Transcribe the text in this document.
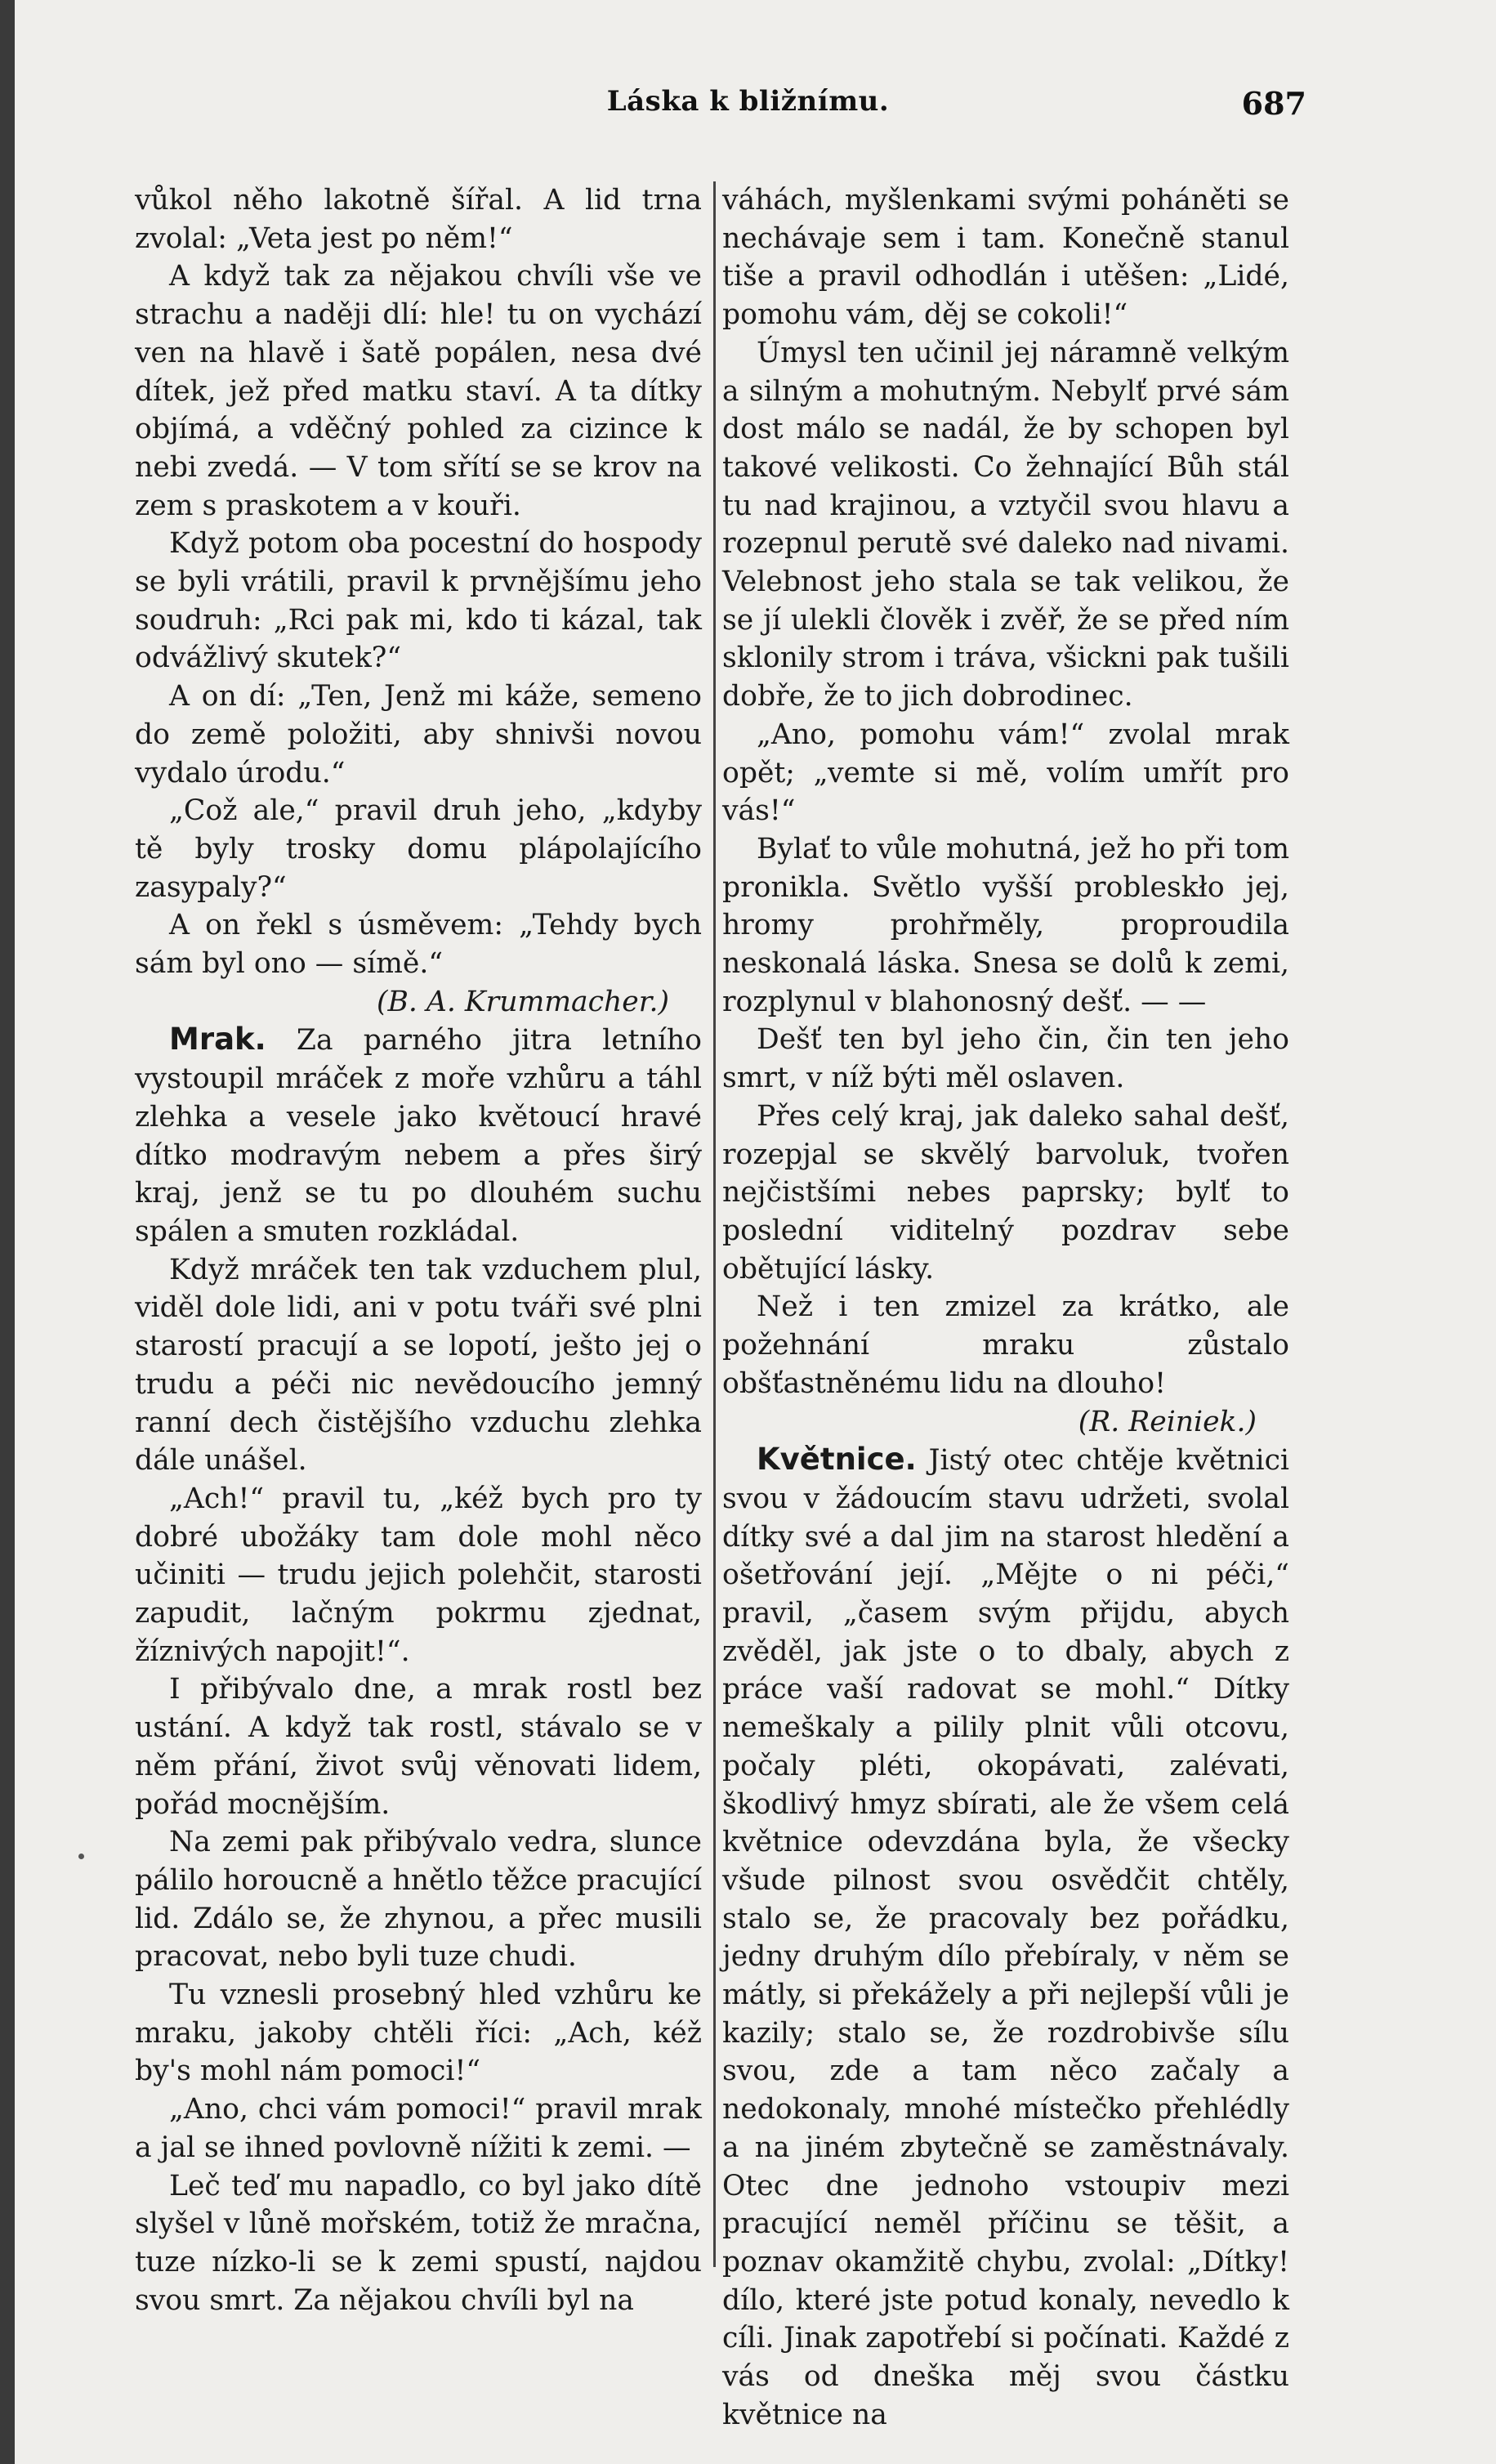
Láska k bližnímu.	687

vůkol něho lakotně šířal. A lid trna zvolal: „Veta jest po něm!“

A když tak za nějakou chvíli vše ve strachu a naději dlí: hle! tu on vychází ven na hlavě i šatě popálen, nesa dvé dítek, jež před matku staví. A ta dítky objímá, a vděčný pohled za cizince k nebi zvedá. — V tom sřítí se se krov na zem s praskotem a v kouři.

Když potom oba pocestní do hospody se byli vrátili, pravil k prvnějšímu jeho soudruh: „Rci pak mi, kdo ti kázal, tak odvážlivý skutek?“

A on dí: „Ten, Jenž mi káže, semeno do země položiti, aby shnivši novou vydalo úrodu.“

„Což ale,“ pravil druh jeho, „kdyby tě byly trosky domu plápolajícího zasypaly?“

A on řekl s úsměvem: „Tehdy bych sám byl ono — símě.“

(B. A. Krummacher.)

Mrak. Za parného jitra letního vystoupil mráček z moře vzhůru a táhl zlehka a vesele jako květoucí hravé dítko modravým nebem a přes širý kraj, jenž se tu po dlouhém suchu spálen a smuten rozkládal.

Když mráček ten tak vzduchem plul, viděl dole lidi, ani v potu tváři své plni starostí pracují a se lopotí, ješto jej o trudu a péči nic nevědoucího jemný ranní dech čistějšího vzduchu zlehka dále unášel.

„Ach!“ pravil tu, „kéž bych pro ty dobré ubožáky tam dole mohl něco učiniti — trudu jejich polehčit, starosti zapudit, lačným pokrmu zjednat, žíznivých napojit!“.

I přibývalo dne, a mrak rostl bez ustání. A když tak rostl, stávalo se v něm přání, život svůj věnovati lidem, pořád mocnějším.

Na zemi pak přibývalo vedra, slunce pálilo horoucně a hnětlo těžce pracující lid. Zdálo se, že zhynou, a přec musili pracovat, nebo byli tuze chudi.

Tu vznesli prosebný hled vzhůru ke mraku, jakoby chtěli říci: „Ach, kéž by's mohl nám pomoci!“

„Ano, chci vám pomoci!“ pravil mrak a jal se ihned povlovně nížiti k zemi. —

Leč teď mu napadlo, co byl jako dítě slyšel v lůně mořském, totiž že mračna, tuze nízko-li se k zemi spustí, najdou svou smrt. Za nějakou chvíli byl na

váhách, myšlenkami svými poháněti se nechávaje sem i tam. Konečně stanul tiše a pravil odhodlán i utěšen: „Lidé, pomohu vám, děj se cokoli!“

Úmysl ten učinil jej náramně velkým a silným a mohutným. Nebylť prvé sám dost málo se nadál, že by schopen byl takové velikosti. Co žehnající Bůh stál tu nad krajinou, a vztyčil svou hlavu a rozepnul perutě své daleko nad nivami. Velebnost jeho stala se tak velikou, že se jí ulekli člověk i zvěř, že se před ním sklonily strom i tráva, všickni pak tušili dobře, že to jich dobrodinec.

„Ano, pomohu vám!“ zvolal mrak opět; „vemte si mě, volím umřít pro vás!“

Bylať to vůle mohutná, jež ho při tom pronikla. Světlo vyšší probleskło jej, hromy prohřměly, proproudila neskonalá láska. Snesa se dolů k zemi, rozplynul v blahonosný dešť. — —

Dešť ten byl jeho čin, čin ten jeho smrt, v níž býti měl oslaven.

Přes celý kraj, jak daleko sahal dešť, rozepjal se skvělý barvoluk, tvořen nejčistšími nebes paprsky; bylť to poslední viditelný pozdrav sebe obětující lásky.

Než i ten zmizel za krátko, ale požehnání mraku zůstalo obšťastněnému lidu na dlouho!

(R. Reiniek.)

Květnice. Jistý otec chtěje květnici svou v žádoucím stavu udržeti, svolal dítky své a dal jim na starost hledění a ošetřování její. „Mějte o ni péči,“ pravil, „časem svým přijdu, abych zvěděl, jak jste o to dbaly, abych z práce vaší radovat se mohl.“ Dítky nemeškaly a pilily plnit vůli otcovu, počaly pléti, okopávati, zalévati, škodlivý hmyz sbírati, ale že všem celá květnice odevzdána byla, že všecky všude pilnost svou osvědčit chtěly, stalo se, že pracovaly bez pořádku, jedny druhým dílo přebíraly, v něm se mátly, si překážely a při nejlepší vůli je kazily; stalo se, že rozdrobivše sílu svou, zde a tam něco začaly a nedokonaly, mnohé místečko přehlédly a na jiném zbytečně se zaměstnávaly. Otec dne jednoho vstoupiv mezi pracující neměl příčinu se těšit, a poznav okamžitě chybu, zvolal: „Dítky! dílo, které jste potud konaly, nevedlo k cíli. Jinak zapotřebí si počínati. Každé z vás od dneška měj svou částku květnice na
